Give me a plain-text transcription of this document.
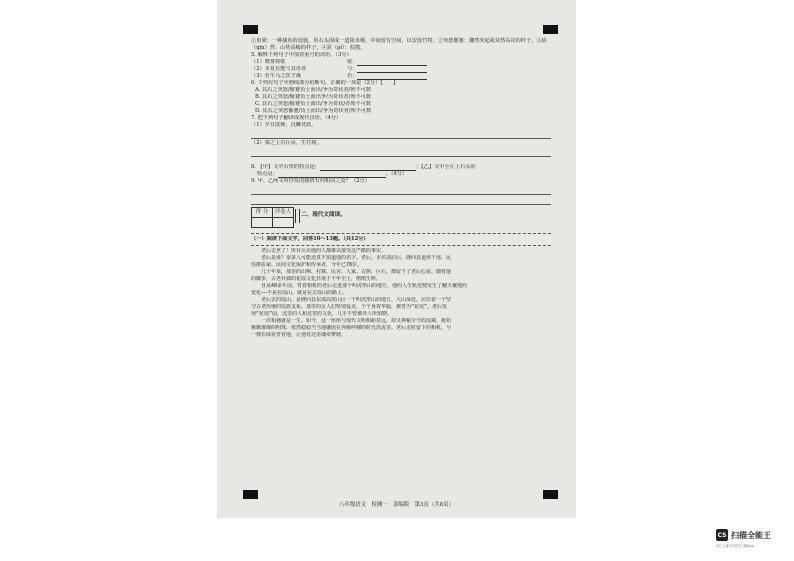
①鱼梁：一种捕鱼的设施，用石头围成一道阻水堰，中间留有空间，以安放竹笱。②突怒偃蹇：骤然突起或耸然高耸的样子。③嵚（qīn）然：山势高峻的样子。④罴（pí）：棕熊。
5. 解释下列句子中加着重号的词语。（3分）
（1）晓雾将歇	歇：
（2）未复有能与其奇者	与：
（3）若牛马之饮于溪	若：
6. 下列对句子中画线部分的断句，正确的一项是（2分）【　　】
A. 其石之突怒/偃蹇负土而出/争为奇状者/殆不可数
B. 其石之突怒/偃蹇负土而出争/为奇状者/殆不可数
C. 其石之突怒/偃蹇负土而出/争为奇状/者殆不可数
D. 其石之突怒偃蹇/负土而出/争为奇状者/殆不可数
7. 把下列句子翻译成现代汉语。（4分）
（1）夕日欲颓，沉鳞竞跃。
（2）梁之上有丘焉，生竹树。
8. 【甲】文中石壁的特点是：	；【乙】文中小丘上石头的
特点是：	。（4分）
9. 甲、乙两文所抒发的感情有何相同之处？（2分）
得 分	评卷人
	二、现代文阅读。
（一）阅读下面文字，回答10～13题。（共12分）
　　老后去世了！所有认识他的人都难以接受这严酷的事实。
　　老后是谁？很多人可能还真不知道他的名字。老后，本名刘启后，隆回县退休干部，民
俗摄影家、民间文化保护和传承者，今年已78岁。
　　几十年来，那里的山响、村寨、民舍、人家、古树、巨石，都留下了老后心血。随着他
的脚步，古老朴拙的花瑶文化扑落于千年尘土，熠熠生辉。
　　自从40多年前，背着相机的老后走进那个叫虎形山的地方，他的人生轨迹便发生了翻天覆地的
变化——不是在瑶山，就是在去瑶山的路上。
　　老后去的瑶山，是隆回县东部高寒山区一个叫虎形山的地方。大山深处，居住着一个坚
守古老传统的瑶族支系，那里的女人们特别爱美，个个身着华服，被誉为“花瑶”。老后发
现“花瑶”前，这里的人和这里的文化，几乎不曾被外人所知晓。
　　一次相遇就是一生。如今，这一座座与现代文明相距甚远，却又神秘令今的瑶寨，犹如
颗颗璀璨的明珠，依然稳稳当当地镶嵌在奔腾呼啸的时代洪流里。老后走时留下的相机，与
一棵长绿常青着他，让他对这里魂牵梦绕。
八年级语文　检测一　部编版　第3页（共8页）
CS 扫描全能王
3亿人都在用的扫描App
